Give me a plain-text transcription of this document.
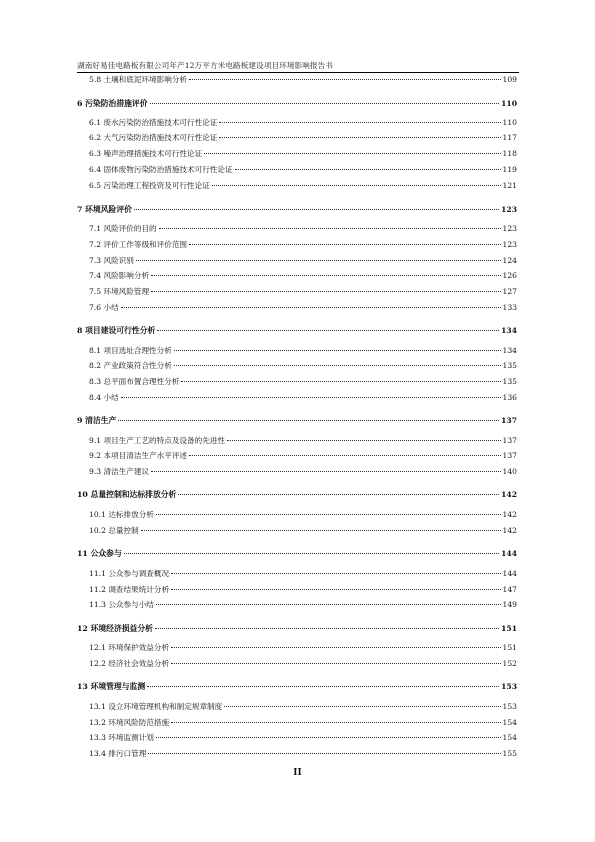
湖南好易佳电路板有限公司年产12万平方米电路板建设项目环境影响报告书
5.8 土壤和底泥环境影响分析	109
6 污染防治措施评价	110
6.1 废水污染防治措施技术可行性论证	110
6.2 大气污染防治措施技术可行性论证	117
6.3 噪声治理措施技术可行性论证	118
6.4 固体废物污染防治措施技术可行性论证	119
6.5 污染治理工程投资及可行性论证	121
7 环境风险评价	123
7.1 风险评价的目的	123
7.2 评价工作等级和评价范围	123
7.3 风险识别	124
7.4 风险影响分析	126
7.5 环境风险管理	127
7.6 小结	133
8 项目建设可行性分析	134
8.1 项目选址合理性分析	134
8.2 产业政策符合性分析	135
8.3 总平面布置合理性分析	135
8.4 小结	136
9 清洁生产	137
9.1 项目生产工艺的特点及设备的先进性	137
9.2 本项目清洁生产水平评述	137
9.3 清洁生产建议	140
10 总量控制和达标排放分析	142
10.1 达标排放分析	142
10.2 总量控制	142
11 公众参与	144
11.1 公众参与调查概况	144
11.2 调查结果统计分析	147
11.3 公众参与小结	149
12 环境经济损益分析	151
12.1 环境保护效益分析	151
12.2 经济社会效益分析	152
13 环境管理与监测	153
13.1 设立环境管理机构和制定规章制度	153
13.2 环境风险防范措施	154
13.3 环境监测计划	154
13.4 排污口管理	155
II
